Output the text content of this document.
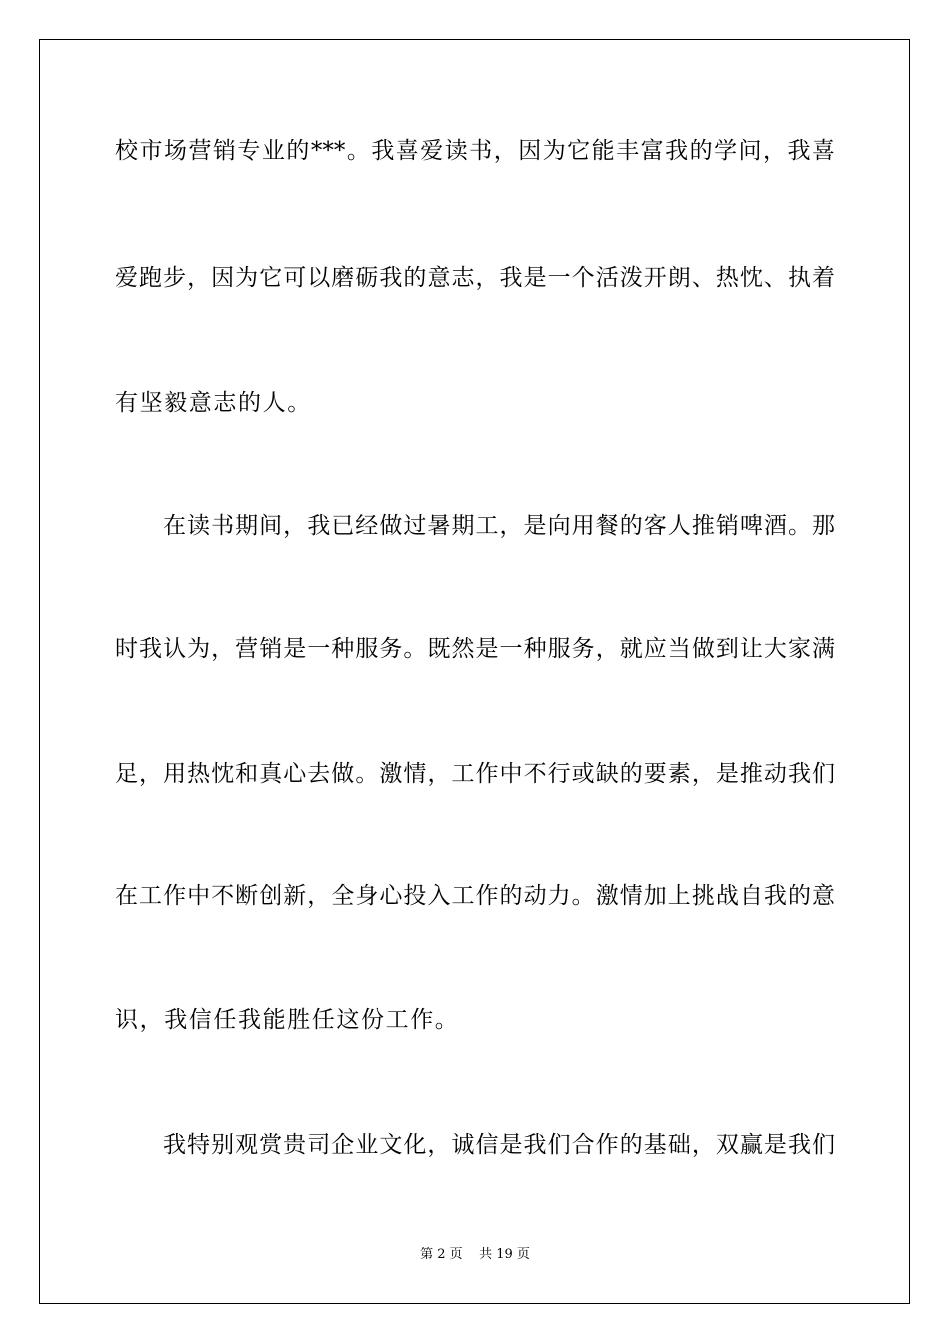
校市场营销专业的***。我喜爱读书，因为它能丰富我的学问，我喜
爱跑步，因为它可以磨砺我的意志，我是一个活泼开朗、热忱、执着
有坚毅意志的人。
在读书期间，我已经做过暑期工，是向用餐的客人推销啤酒。那
时我认为，营销是一种服务。既然是一种服务，就应当做到让大家满
足，用热忱和真心去做。激情，工作中不行或缺的要素，是推动我们
在工作中不断创新，全身心投入工作的动力。激情加上挑战自我的意
识，我信任我能胜任这份工作。
我特别观赏贵司企业文化，诚信是我们合作的基础，双赢是我们
第 2 页    共 19 页
